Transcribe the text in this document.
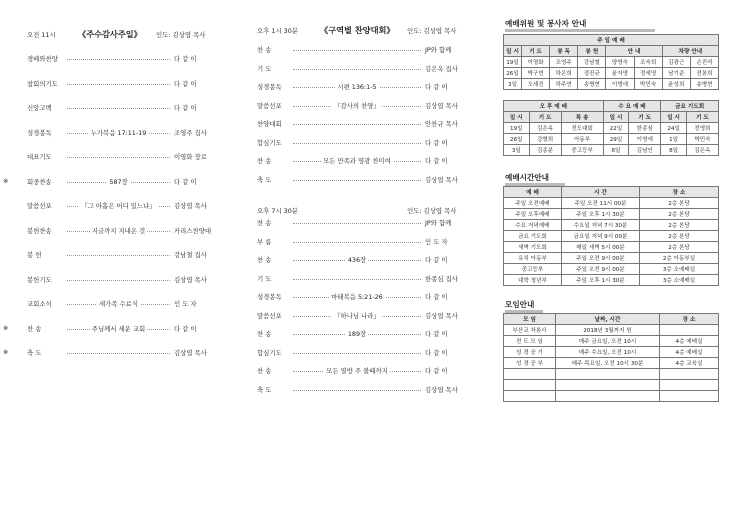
오전 11시	《주수감사주일》 인도: 김상엽 목사
경배와찬양	다 같 이
참회의기도	다 같 이
신앙고백	다 같 이
성경봉독	누가복음 17:11-19	조영주 집사
대표기도	이영화 장로
※	회중찬송	587장	다 같 이
말씀선포	『그 아홉은 어디 있느냐』	김상엽 목사
봉헌찬송	지금까지 지내온 것	카리스찬양대
봉 헌	강남철 집사
봉헌기도	김상엽 목사
교회소식	새가족 수료식	인 도 자
※	찬 송	주님께서 세운 교회	다 같 이
※	축 도	김상엽 목사
오후 1시 30분	《구역별 찬양대회》 인도: 김상엽 목사
찬 송	JP와 함께
기 도	김은옥 집사
성경봉독	시편 136:1-5	다 같 이
말씀선포	『감사의 찬양』	김상엽 목사
찬양대회	안찬규 목사
합심기도	다 같 이
찬 송	모든 만족과 영광 찬미여	다 같 이
축 도	김상엽 목사
오후 7시 30분	인도: 김상엽 목사
찬 송	JP와 함께
부 름	인 도 자
찬 송	436장	다 같 이
기 도	한종심 집사
성경봉독	마태복음 5:21-26	다 같 이
말씀선포	『하나님 나라』	김상엽 목사
찬 송	189장	다 같 이
합심기도	다 같 이
찬 송	모든 열방 주 볼때까지	다 같 이
축 도	김상엽 목사
예배위원 및 봉사자 안내
주 일 예 배							
일 시	기 도	봉 독	봉 헌	안 내		차량 안내	
19일	이영화	조영주	강남철	양영숙	조숙희	김광근	손진석
26일	박구현	하은희	정진규	윤자영	정세영	남기준	전봉희
3일	오세진	하주연	송병현	이명애	박민숙	윤성희	송병현
오 후 예 배			수 요 예 배		금요 기도회	
일 시	기 도	특 송	일 시	기 도	일 시	기 도
19일	김은옥	전도대회	22일	한종심	24일	전영희
26일	강형희	아동부	29일	이영애	1일	박민숙
3일	김종분	중고등부	6일	김남인	8일	김은옥
예배시간안내
예 배	시 간	장 소
주일 오전예배	주일 오전 11시 00분	2층 본당
주일 오후예배	주일 오후 1시 30분	2층 본당
수요 저녁예배	수요일 저녁 7시 30분	2층 본당
금요 기도회	금요일 저녁 9시 00분	2층 본당
새벽 기도회	매일 새벽 5시 00분	2층 본당
유치 아동부	주일 오전 9시 00분	2층 아동부실
중고등부	주일 오전 9시 00분	3층 소예배실
대학 청년부	주일 오후 1시 30분	3층 소예배실
모임안내
모 임	날짜, 시간	장 소
부산교 차봉사	2018년 3월까지 원	
전 도 모 임	매주 금요일, 오전 10시	4층 예배실
성 경 공 기	매주 수요일, 오전 10시	4층 예배실
성 경 공 부	매주 목요일, 오전 10시 30분	4층 교육실
